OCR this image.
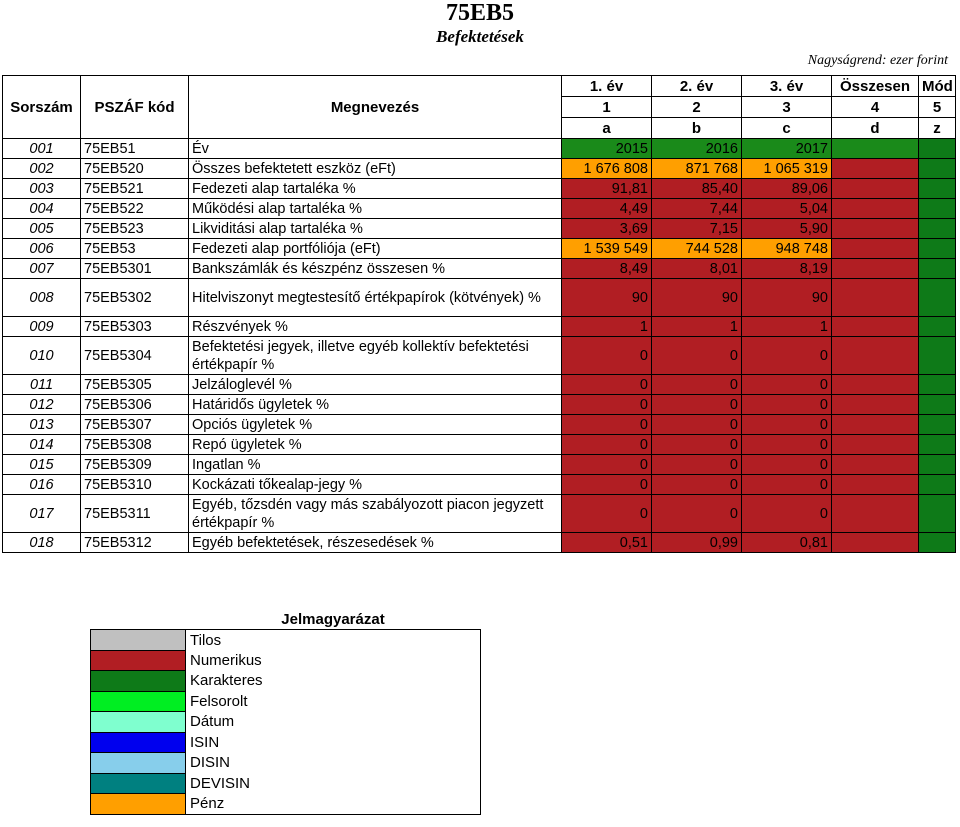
75EB5
Befektetések
Nagyságrend: ezer forint
Sorszám	PSZÁF kód	Megnevezés	1. év	2. év	3. év	Összesen	Mód
			1	2	3	4	5
			a	b	c	d	z
001	75EB51	Év	2015	2016	2017		
002	75EB520	Összes befektetett eszköz (eFt)	1 676 808	871 768	1 065 319		
003	75EB521	Fedezeti alap tartaléka %	91,81	85,40	89,06		
004	75EB522	Működési alap tartaléka %	4,49	7,44	5,04		
005	75EB523	Likviditási alap tartaléka %	3,69	7,15	5,90		
006	75EB53	Fedezeti alap portfóliója (eFt)	1 539 549	744 528	948 748		
007	75EB5301	Bankszámlák és készpénz összesen %	8,49	8,01	8,19		
008	75EB5302	Hitelviszonyt megtestesítő értékpapírok (kötvények) %	90	90	90		
009	75EB5303	Részvények %	1	1	1		
010	75EB5304	Befektetési jegyek, illetve egyéb kollektív befektetési értékpapír %	0	0	0		
011	75EB5305	Jelzáloglevél %	0	0	0		
012	75EB5306	Határidős ügyletek %	0	0	0		
013	75EB5307	Opciós ügyletek %	0	0	0		
014	75EB5308	Repó ügyletek %	0	0	0		
015	75EB5309	Ingatlan %	0	0	0		
016	75EB5310	Kockázati tőkealap-jegy %	0	0	0		
017	75EB5311	Egyéb, tőzsdén vagy más szabályozott piacon jegyzett értékpapír %	0	0	0		
018	75EB5312	Egyéb befektetések, részesedések %	0,51	0,99	0,81		
	Jelmagyarázat
	Tilos
	Numerikus
	Karakteres
	Felsorolt
	Dátum
	ISIN
	DISIN
	DEVISIN
	Pénz
